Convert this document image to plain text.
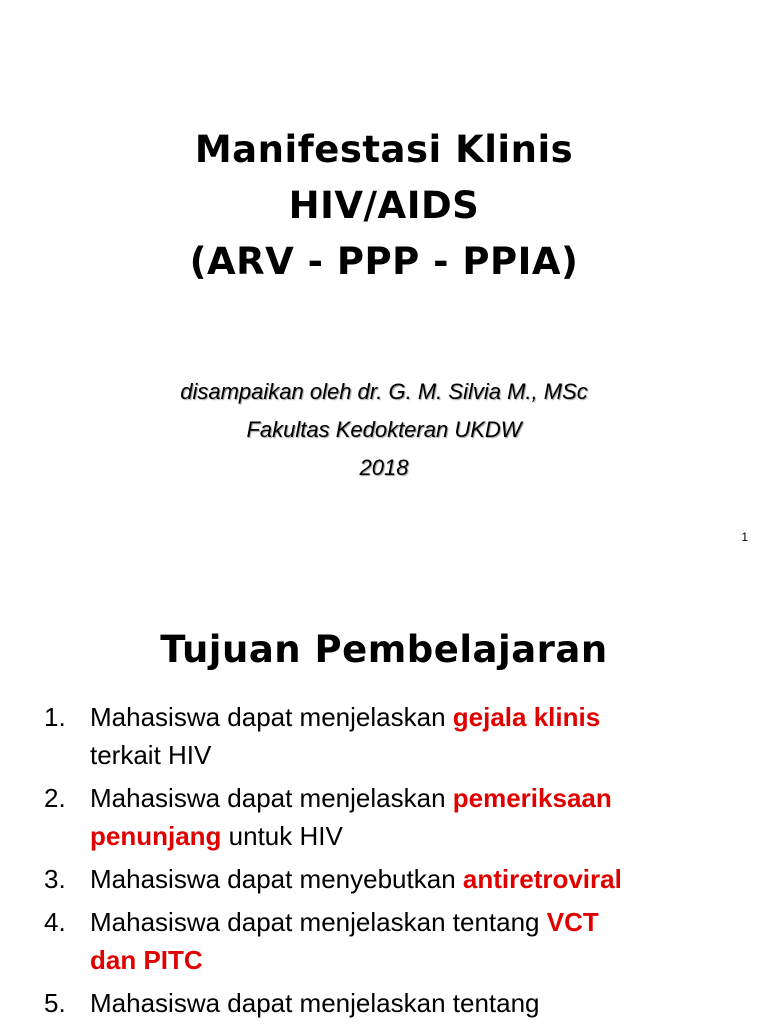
Manifestasi Klinis
HIV/AIDS
(ARV - PPP - PPIA)
disampaikan oleh dr. G. M. Silvia M., MSc
Fakultas Kedokteran UKDW
2018
1
Tujuan Pembelajaran
1. Mahasiswa dapat menjelaskan gejala klinis
terkait HIV
2. Mahasiswa dapat menjelaskan pemeriksaan
penunjang untuk HIV
3. Mahasiswa dapat menyebutkan antiretroviral
4. Mahasiswa dapat menjelaskan tentang VCT
dan PITC
5. Mahasiswa dapat menjelaskan tentang
